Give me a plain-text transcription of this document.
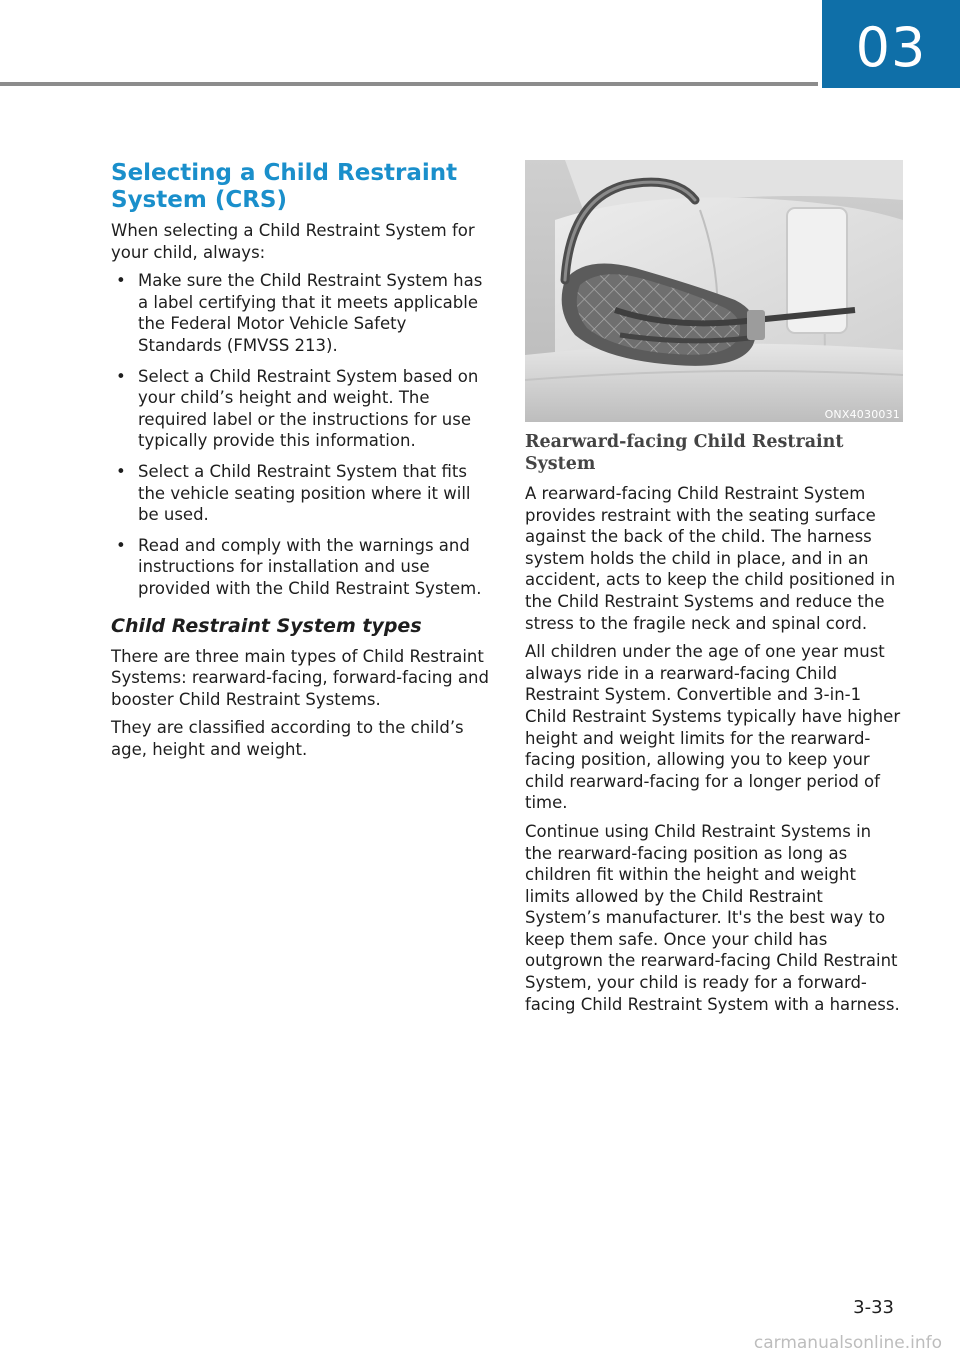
03
Selecting a Child Restraint System (CRS)

When selecting a Child Restraint System for your child, always:

• Make sure the Child Restraint System has a label certifying that it meets applicable the Federal Motor Vehicle Safety Standards (FMVSS 213).
• Select a Child Restraint System based on your child’s height and weight. The required label or the instructions for use typically provide this information.
• Select a Child Restraint System that fits the vehicle seating position where it will be used.
• Read and comply with the warnings and instructions for installation and use provided with the Child Restraint System.
Child Restraint System types

There are three main types of Child Restraint Systems: rearward-facing, forward-facing and booster Child Restraint Systems.

They are classified according to the child’s age, height and weight.

ONX4030031
Rearward-facing Child Restraint System

A rearward-facing Child Restraint System provides restraint with the seating surface against the back of the child. The harness system holds the child in place, and in an accident, acts to keep the child positioned in the Child Restraint Systems and reduce the stress to the fragile neck and spinal cord.

All children under the age of one year must always ride in a rearward-facing Child Restraint System. Convertible and 3-in-1 Child Restraint Systems typically have higher height and weight limits for the rearward-facing position, allowing you to keep your child rearward-facing for a longer period of time.

Continue using Child Restraint Systems in the rearward-facing position as long as children fit within the height and weight limits allowed by the Child Restraint System’s manufacturer. It's the best way to keep them safe. Once your child has outgrown the rearward-facing Child Restraint System, your child is ready for a forward-facing Child Restraint System with a harness.

3-33
carmanualsonline.info
